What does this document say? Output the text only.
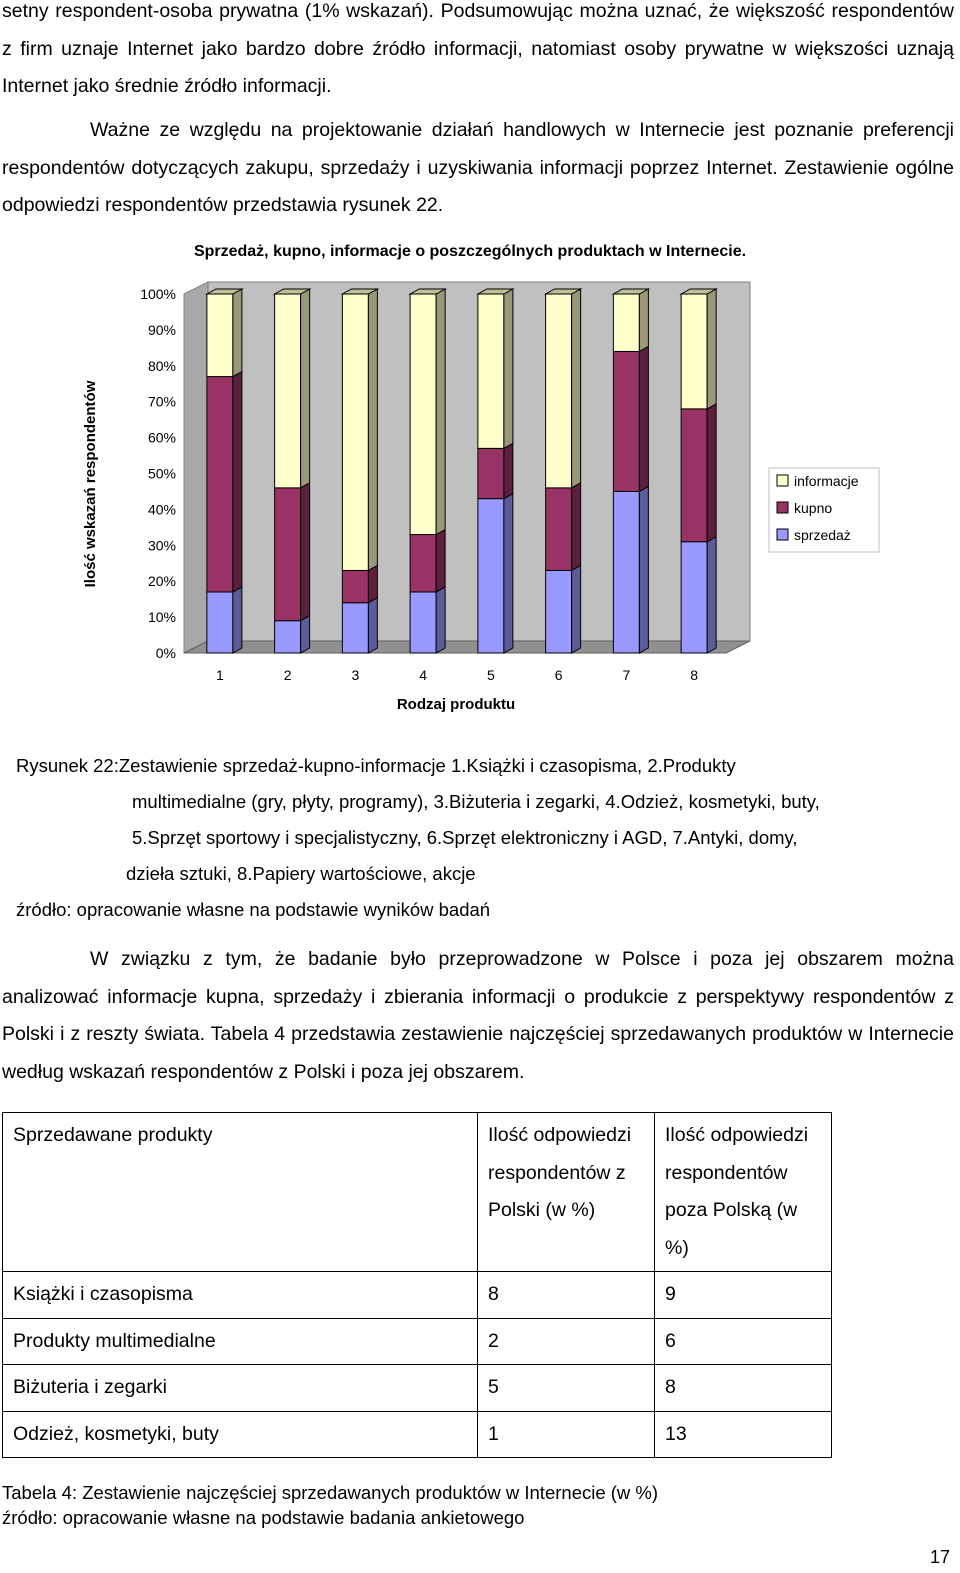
setny respondent-osoba prywatna (1% wskazań). Podsumowując można uznać, że większość respondentów z firm uznaje Internet jako bardzo dobre źródło informacji, natomiast osoby prywatne w większości uznają Internet jako średnie źródło informacji.

Ważne ze względu na projektowanie działań handlowych w Internecie jest poznanie preferencji respondentów dotyczących zakupu, sprzedaży i uzyskiwania informacji poprzez Internet. Zestawienie ogólne odpowiedzi respondentów przedstawia rysunek 22.

Sprzedaż, kupno, informacje o poszczególnych produktach w Internecie.
0%
10%
20%
30%
40%
50%
60%
70%
80%
90%
100%
1	2	3	4	5	6	7	8
Rodzaj produktu
Ilość wskazań respondentów	informacje
kupno
sprzedaż

Rysunek 22:Zestawienie sprzedaż-kupno-informacje 1.Książki i czasopisma, 2.Produkty

multimedialne (gry, płyty, programy), 3.Biżuteria i zegarki, 4.Odzież, kosmetyki, buty,

5.Sprzęt sportowy i specjalistyczny, 6.Sprzęt elektroniczny i AGD, 7.Antyki, domy,

dzieła sztuki, 8.Papiery wartościowe, akcje

źródło: opracowanie własne na podstawie wyników badań

W związku z tym, że badanie było przeprowadzone w Polsce i poza jej obszarem można analizować informacje kupna, sprzedaży i zbierania informacji o produkcie z perspektywy respondentów z Polski i z reszty świata. Tabela 4 przedstawia zestawienie najczęściej sprzedawanych produktów w Internecie według wskazań respondentów z Polski i poza jej obszarem.

Sprzedawane produkty	Ilość odpowiedzi respondentów z Polski (w %)	Ilość odpowiedzi respondentów poza Polską (w %)
Książki i czasopisma	8	9
Produkty multimedialne	2	6
Biżuteria i zegarki	5	8
Odzież, kosmetyki, buty	1	13

Tabela 4: Zestawienie najczęściej sprzedawanych produktów w Internecie (w %)

źródło: opracowanie własne na podstawie badania ankietowego

17
